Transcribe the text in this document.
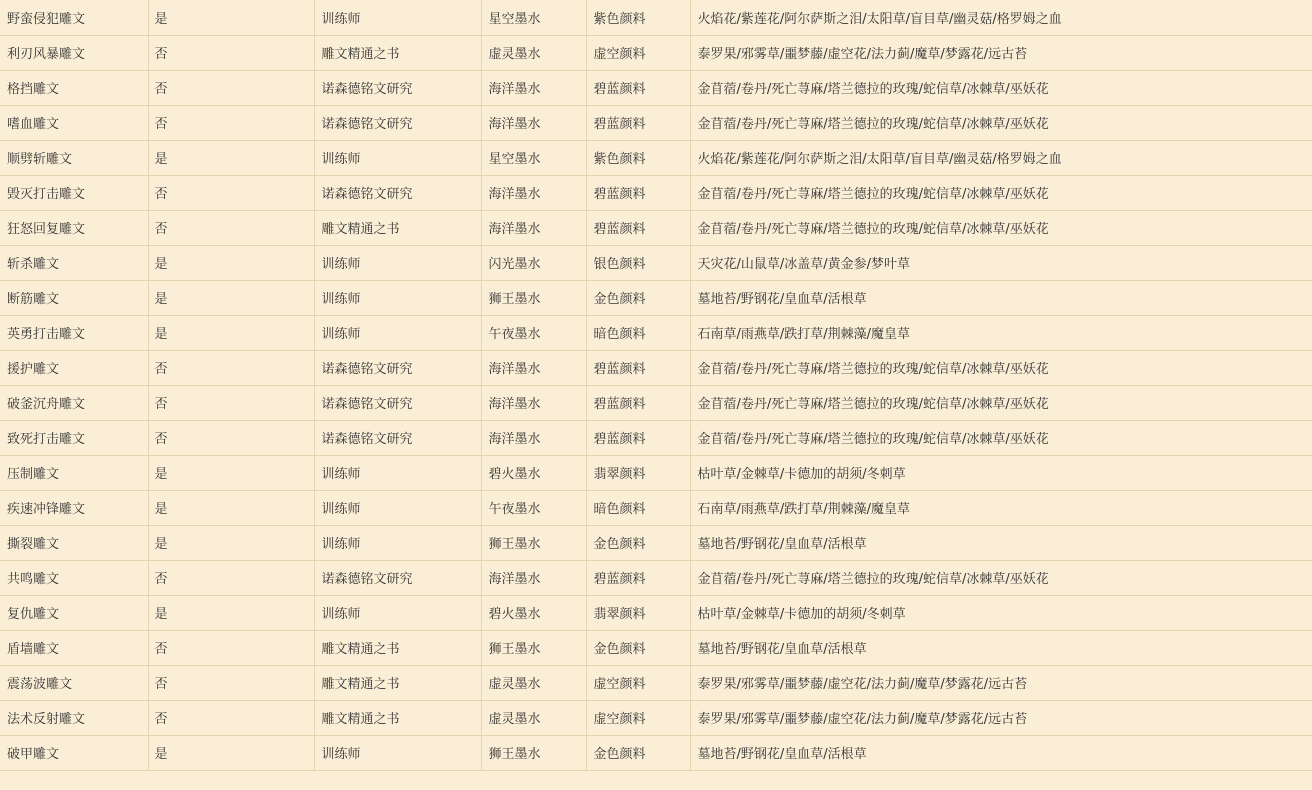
野蛮侵犯雕文	是	训练师	星空墨水	紫色颜料	火焰花/紫莲花/阿尔萨斯之泪/太阳草/盲目草/幽灵菇/格罗姆之血
利刃风暴雕文	否	雕文精通之书	虚灵墨水	虚空颜料	泰罗果/邪雾草/噩梦藤/虚空花/法力蓟/魔草/梦露花/远古苔
格挡雕文	否	诺森德铭文研究	海洋墨水	碧蓝颜料	金苜蓿/卷丹/死亡荨麻/塔兰德拉的玫瑰/蛇信草/冰棘草/巫妖花
嗜血雕文	否	诺森德铭文研究	海洋墨水	碧蓝颜料	金苜蓿/卷丹/死亡荨麻/塔兰德拉的玫瑰/蛇信草/冰棘草/巫妖花
顺劈斩雕文	是	训练师	星空墨水	紫色颜料	火焰花/紫莲花/阿尔萨斯之泪/太阳草/盲目草/幽灵菇/格罗姆之血
毁灭打击雕文	否	诺森德铭文研究	海洋墨水	碧蓝颜料	金苜蓿/卷丹/死亡荨麻/塔兰德拉的玫瑰/蛇信草/冰棘草/巫妖花
狂怒回复雕文	否	雕文精通之书	海洋墨水	碧蓝颜料	金苜蓿/卷丹/死亡荨麻/塔兰德拉的玫瑰/蛇信草/冰棘草/巫妖花
斩杀雕文	是	训练师	闪光墨水	银色颜料	天灾花/山鼠草/冰盖草/黄金参/梦叶草
断筋雕文	是	训练师	狮王墨水	金色颜料	墓地苔/野钢花/皇血草/活根草
英勇打击雕文	是	训练师	午夜墨水	暗色颜料	石南草/雨燕草/跌打草/荆棘藻/魔皇草
援护雕文	否	诺森德铭文研究	海洋墨水	碧蓝颜料	金苜蓿/卷丹/死亡荨麻/塔兰德拉的玫瑰/蛇信草/冰棘草/巫妖花
破釜沉舟雕文	否	诺森德铭文研究	海洋墨水	碧蓝颜料	金苜蓿/卷丹/死亡荨麻/塔兰德拉的玫瑰/蛇信草/冰棘草/巫妖花
致死打击雕文	否	诺森德铭文研究	海洋墨水	碧蓝颜料	金苜蓿/卷丹/死亡荨麻/塔兰德拉的玫瑰/蛇信草/冰棘草/巫妖花
压制雕文	是	训练师	碧火墨水	翡翠颜料	枯叶草/金棘草/卡德加的胡须/冬刺草
疾速冲锋雕文	是	训练师	午夜墨水	暗色颜料	石南草/雨燕草/跌打草/荆棘藻/魔皇草
撕裂雕文	是	训练师	狮王墨水	金色颜料	墓地苔/野钢花/皇血草/活根草
共鸣雕文	否	诺森德铭文研究	海洋墨水	碧蓝颜料	金苜蓿/卷丹/死亡荨麻/塔兰德拉的玫瑰/蛇信草/冰棘草/巫妖花
复仇雕文	是	训练师	碧火墨水	翡翠颜料	枯叶草/金棘草/卡德加的胡须/冬刺草
盾墙雕文	否	雕文精通之书	狮王墨水	金色颜料	墓地苔/野钢花/皇血草/活根草
震荡波雕文	否	雕文精通之书	虚灵墨水	虚空颜料	泰罗果/邪雾草/噩梦藤/虚空花/法力蓟/魔草/梦露花/远古苔
法术反射雕文	否	雕文精通之书	虚灵墨水	虚空颜料	泰罗果/邪雾草/噩梦藤/虚空花/法力蓟/魔草/梦露花/远古苔
破甲雕文	是	训练师	狮王墨水	金色颜料	墓地苔/野钢花/皇血草/活根草
